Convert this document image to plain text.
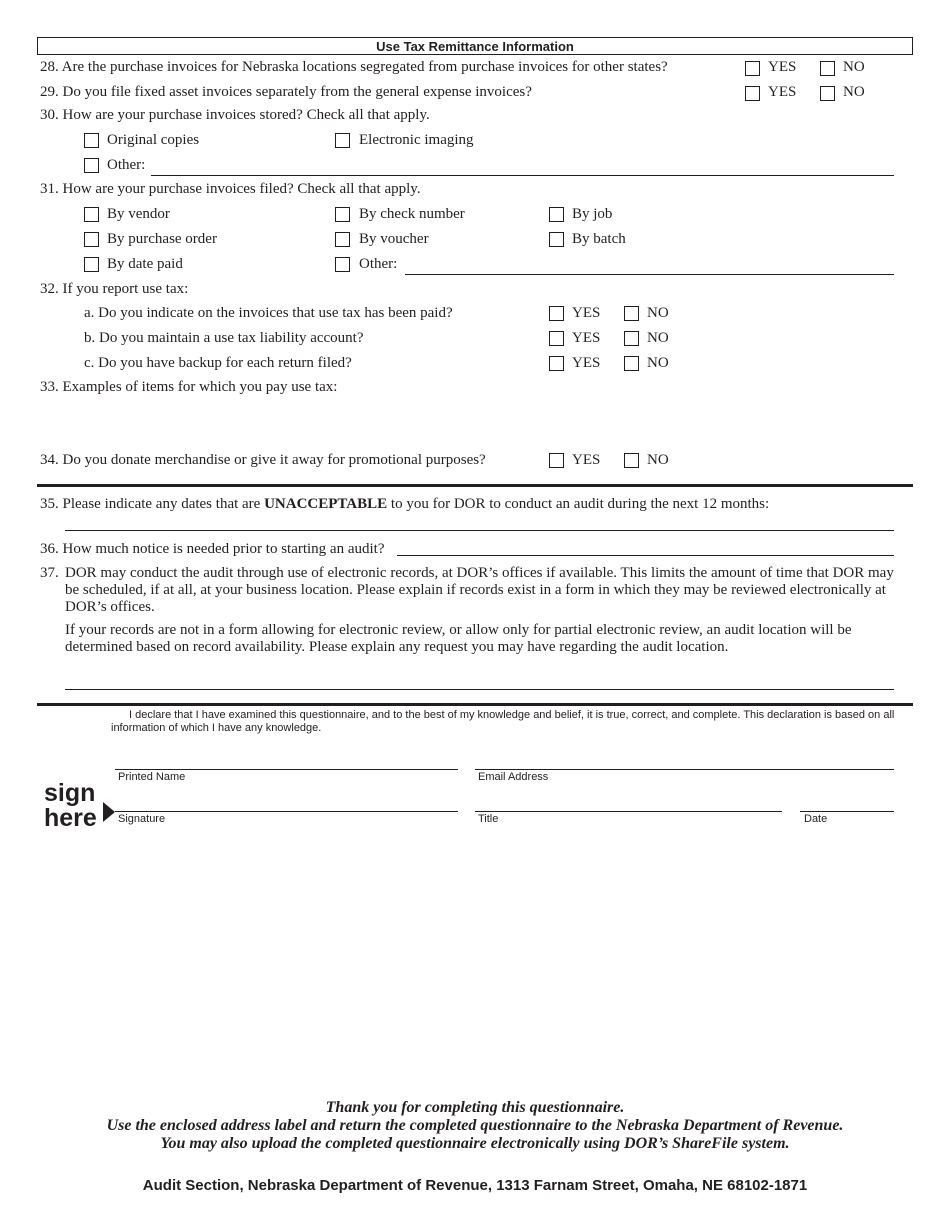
Use Tax Remittance Information
28. Are the purchase invoices for Nebraska locations segregated from purchase invoices for other states?	YES	NO
29. Do you file fixed asset invoices separately from the general expense invoices?	YES	NO
30. How are your purchase invoices stored? Check all that apply.
Original copies	Electronic imaging
Other:
31. How are your purchase invoices filed? Check all that apply.
By vendor	By check number	By job
By purchase order	By voucher	By batch
By date paid	Other:
32. If you report use tax:
a. Do you indicate on the invoices that use tax has been paid?	YES	NO
b. Do you maintain a use tax liability account?	YES	NO
c. Do you have backup for each return filed?	YES	NO
33. Examples of items for which you pay use tax:
34. Do you donate merchandise or give it away for promotional purposes?	YES	NO
35. Please indicate any dates that are UNACCEPTABLE to you for DOR to conduct an audit during the next 12 months:
36. How much notice is needed prior to starting an audit?
37. DOR may conduct the audit through use of electronic records, at DOR’s offices if available. This limits the amount of time that DOR may be scheduled, if at all, at your business location. Please explain if records exist in a form in which they may be reviewed electronically at DOR’s offices.
If your records are not in a form allowing for electronic review, or allow only for partial electronic review, an audit location will be determined based on record availability. Please explain any request you may have regarding the audit location.
I declare that I have examined this questionnaire, and to the best of my knowledge and belief, it is true, correct, and complete. This declaration is based on all information of which I have any knowledge.
Printed Name	Email Address
sign
here Signature	Title	Date
Thank you for completing this questionnaire.
Use the enclosed address label and return the completed questionnaire to the Nebraska Department of Revenue.
You may also upload the completed questionnaire electronically using DOR’s ShareFile system.
Audit Section, Nebraska Department of Revenue, 1313 Farnam Street, Omaha, NE 68102-1871
